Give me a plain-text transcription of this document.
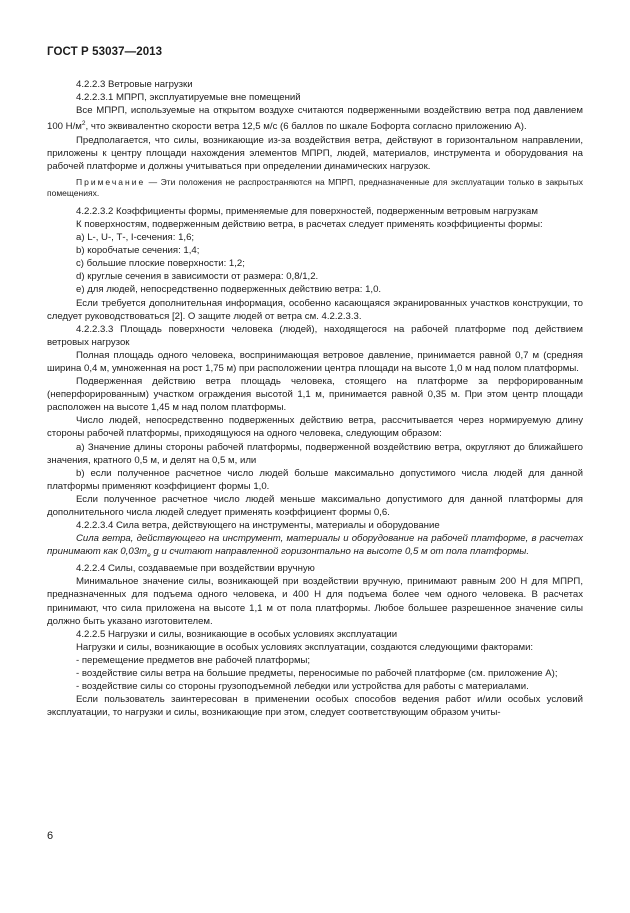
ГОСТ Р 53037—2013

4.2.2.3 Ветровые нагрузки

4.2.2.3.1 МПРП, эксплуатируемые вне помещений

Все МПРП, используемые на открытом воздухе считаются подверженными воздействию ветра под давлением 100 $Н/м^2$, что эквивалентно скорости ветра 12,5 м/с (6 баллов по шкале Бофорта согласно приложению А).

Предполагается, что силы, возникающие из-за воздействия ветра, действуют в горизонтальном направлении, приложены к центру площади нахождения элементов МПРП, людей, материалов, инструмента и оборудования на рабочей платформе и должны учитываться при определении динамических нагрузок.

Примечание — Эти положения не распространяются на МПРП, предназначенные для эксплуатации только в закрытых помещениях.

4.2.2.3.2 Коэффициенты формы, применяемые для поверхностей, подверженным ветровым нагрузкам

К поверхностям, подверженным действию ветра, в расчетах следует применять коэффициенты формы:

а) L-, U-, Т-, I-сечения: 1,6;

b) коробчатые сечения: 1,4;

с) большие плоские поверхности: 1,2;

d) круглые сечения в зависимости от размера: 0,8/1,2.

е) для людей, непосредственно подверженных действию ветра: 1,0.

Если требуется дополнительная информация, особенно касающаяся экранированных участков конструкции, то следует руководствоваться [2]. О защите людей от ветра см. 4.2.2.3.3.

4.2.2.3.3 Площадь поверхности человека (людей), находящегося на рабочей платформе под действием ветровых нагрузок

Полная площадь одного человека, воспринимающая ветровое давление, принимается равной 0,7 м (средняя ширина 0,4 м, умноженная на рост 1,75 м) при расположении центра площади на высоте 1,0 м над полом платформы.

Подверженная действию ветра площадь человека, стоящего на платформе за перфорированным (неперфорированным) участком ограждения высотой 1,1 м, принимается равной 0,35 м. При этом центр площади расположен на высоте 1,45 м над полом платформы.

Число людей, непосредственно подверженных действию ветра, рассчитывается через нормируемую длину стороны рабочей платформы, приходящуюся на одного человека, следующим образом:

а) Значение длины стороны рабочей платформы, подверженной воздействию ветра, округляют до ближайшего значения, кратного 0,5 м, и делят на 0,5 м, или

b) если полученное расчетное число людей больше максимально допустимого числа людей для данной платформы применяют коэффициент формы 1,0.

Если полученное расчетное число людей меньше максимально допустимого для данной платформы для дополнительного числа людей следует применять коэффициент формы 0,6.

4.2.2.3.4 Сила ветра, действующего на инструменты, материалы и оборудование

Сила ветра, действующего на инструмент, материалы и оборудование на рабочей платформе, в расчетах принимают как $0,03m_e$ g и считают направленной горизонтально на высоте 0,5 м от пола платформы.

4.2.2.4 Силы, создаваемые при воздействии вручную

Минимальное значение силы, возникающей при воздействии вручную, принимают равным 200 Н для МПРП, предназначенных для подъема одного человека, и 400 Н для подъема более чем одного человека. В расчетах принимают, что сила приложена на высоте 1,1 м от пола платформы. Любое большее разрешенное значение силы должно быть указано изготовителем.

4.2.2.5 Нагрузки и силы, возникающие в особых условиях эксплуатации

Нагрузки и силы, возникающие в особых условиях эксплуатации, создаются следующими факторами:

- перемещение предметов вне рабочей платформы;

- воздействие силы ветра на большие предметы, переносимые по рабочей платформе (см. приложение А);

- воздействие силы со стороны грузоподъемной лебедки или устройства для работы с материалами.

Если пользователь заинтересован в применении особых способов ведения работ и/или особых условий эксплуатации, то нагрузки и силы, возникающие при этом, следует соответствующим образом учиты-

6
